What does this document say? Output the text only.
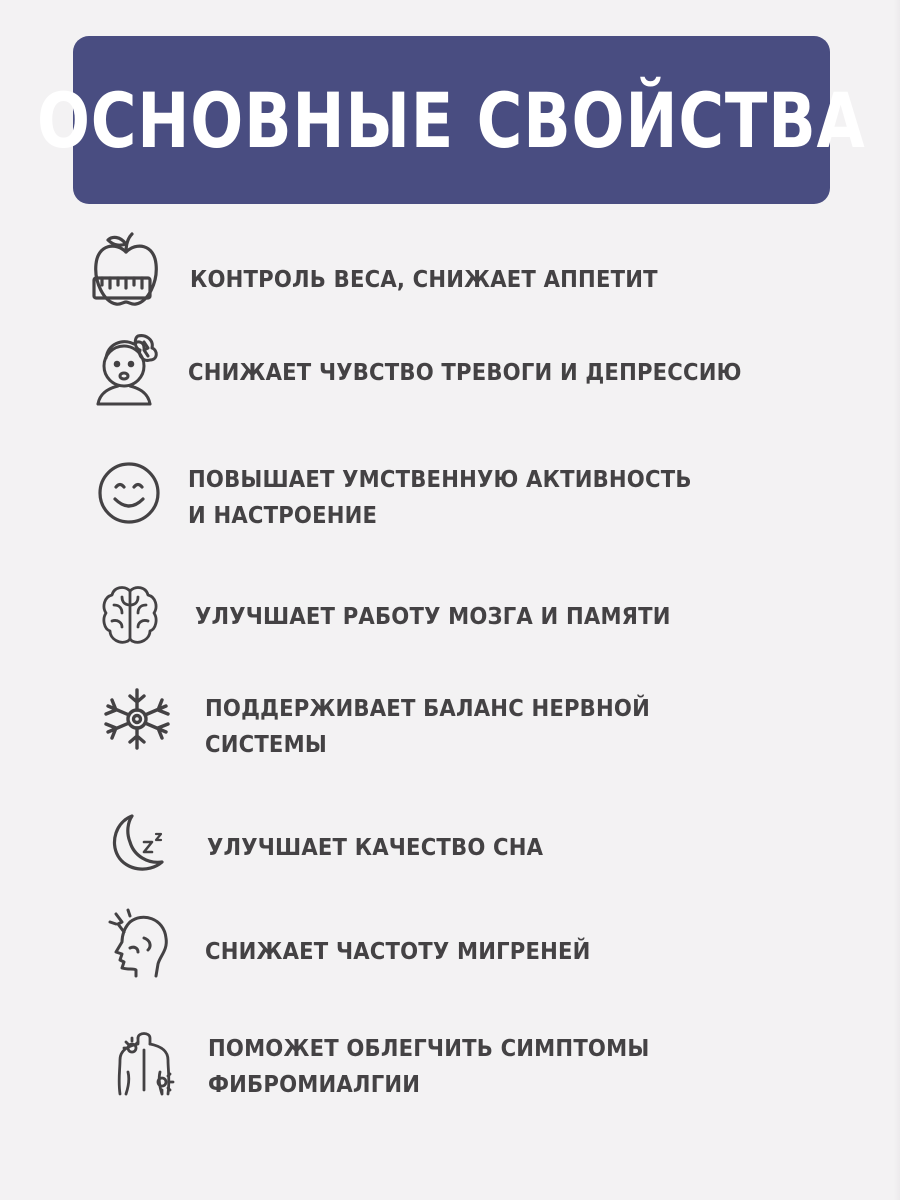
ОСНОВНЫЕ СВОЙСТВА
КОНТРОЛЬ ВЕСА, СНИЖАЕТ АППЕТИТ
СНИЖАЕТ ЧУВСТВО ТРЕВОГИ И ДЕПРЕССИЮ
ПОВЫШАЕТ УМСТВЕННУЮ АКТИВНОСТЬ
И НАСТРОЕНИЕ
УЛУЧШАЕТ РАБОТУ МОЗГА И ПАМЯТИ
ПОДДЕРЖИВАЕТ БАЛАНС НЕРВНОЙ
СИСТЕМЫ
УЛУЧШАЕТ КАЧЕСТВО СНА
СНИЖАЕТ ЧАСТОТУ МИГРЕНЕЙ
ПОМОЖЕТ ОБЛЕГЧИТЬ СИМПТОМЫ
ФИБРОМИАЛГИИ
